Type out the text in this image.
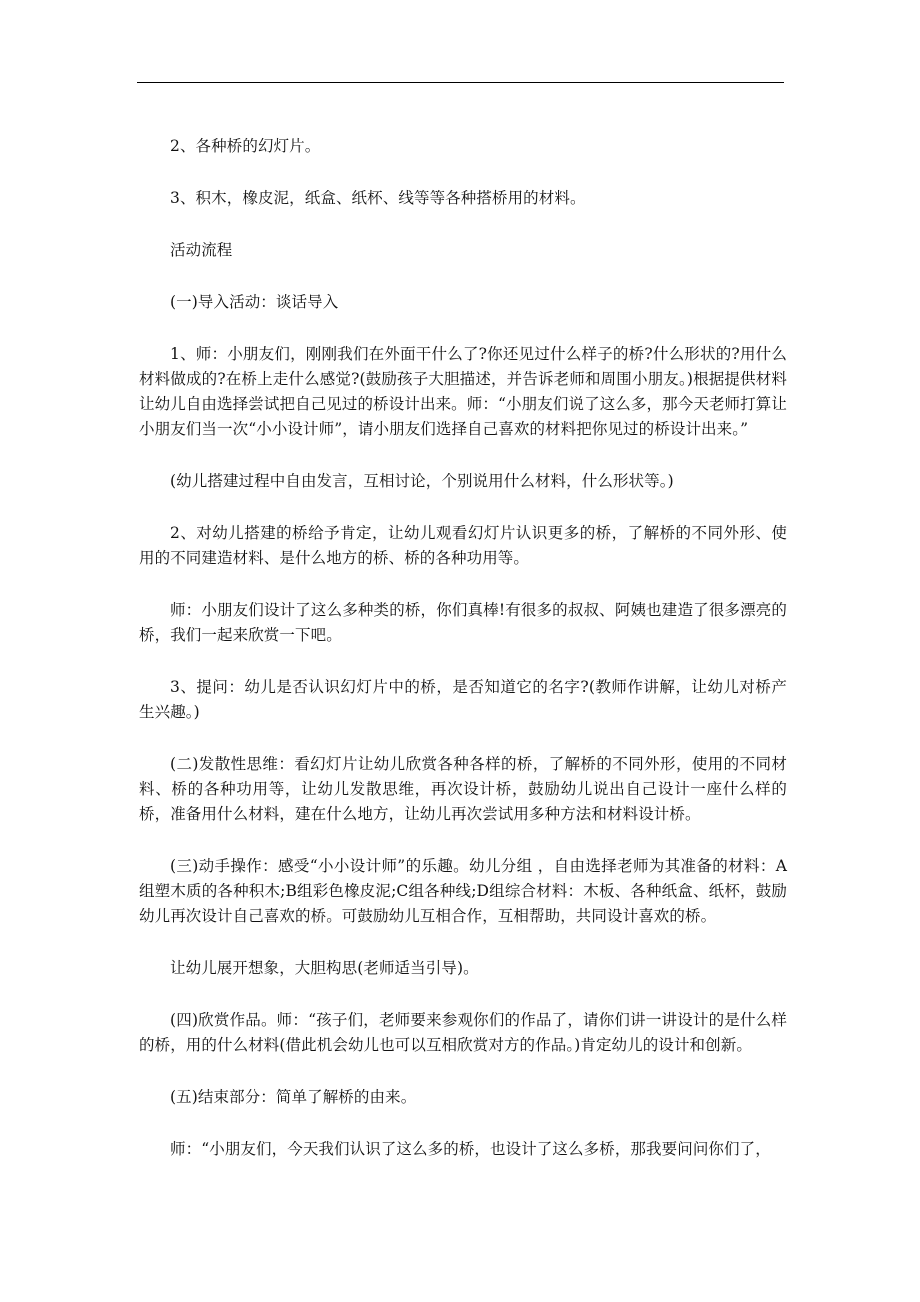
2、各种桥的幻灯片。

3、积木，橡皮泥，纸盒、纸杯、线等等各种搭桥用的材料。

活动流程

(一)导入活动：谈话导入

1、师：小朋友们，刚刚我们在外面干什么了?你还见过什么样子的桥?什么形状的?用什么材料做成的?在桥上走什么感觉?(鼓励孩子大胆描述，并告诉老师和周围小朋友。)根据提供材料让幼儿自由选择尝试把自己见过的桥设计出来。师：“小朋友们说了这么多，那今天老师打算让小朋友们当一次“小小设计师”，请小朋友们选择自己喜欢的材料把你见过的桥设计出来。”

(幼儿搭建过程中自由发言，互相讨论，个别说用什么材料，什么形状等。)

2、对幼儿搭建的桥给予肯定，让幼儿观看幻灯片认识更多的桥，了解桥的不同外形、使用的不同建造材料、是什么地方的桥、桥的各种功用等。

师：小朋友们设计了这么多种类的桥，你们真棒!有很多的叔叔、阿姨也建造了很多漂亮的桥，我们一起来欣赏一下吧。

3、提问：幼儿是否认识幻灯片中的桥，是否知道它的名字?(教师作讲解，让幼儿对桥产生兴趣。)

(二)发散性思维：看幻灯片让幼儿欣赏各种各样的桥，了解桥的不同外形，使用的不同材料、桥的各种功用等，让幼儿发散思维，再次设计桥，鼓励幼儿说出自己设计一座什么样的桥，准备用什么材料，建在什么地方，让幼儿再次尝试用多种方法和材料设计桥。

(三)动手操作：感受“小小设计师”的乐趣。幼儿分组 ，自由选择老师为其准备的材料：A组塑木质的各种积木;B组彩色橡皮泥;C组各种线;D组综合材料：木板、各种纸盒、纸杯，鼓励幼儿再次设计自己喜欢的桥。可鼓励幼儿互相合作，互相帮助，共同设计喜欢的桥。

让幼儿展开想象，大胆构思(老师适当引导)。

(四)欣赏作品。师：“孩子们，老师要来参观你们的作品了，请你们讲一讲设计的是什么样的桥，用的什么材料(借此机会幼儿也可以互相欣赏对方的作品。)肯定幼儿的设计和创新。

(五)结束部分：简单了解桥的由来。

师：“小朋友们，今天我们认识了这么多的桥，也设计了这么多桥，那我要问问你们了，
